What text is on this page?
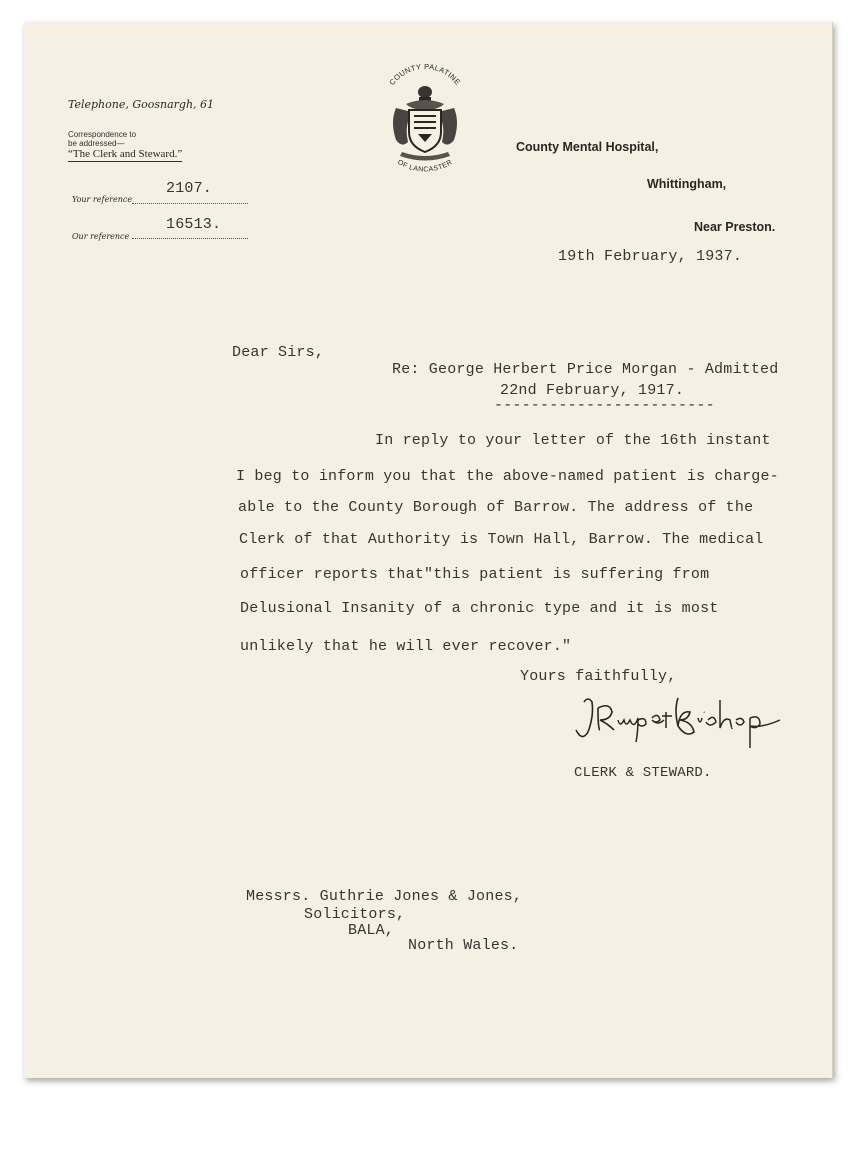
Telephone, Goosnargh, 61
Correspondence to
be addressed—
“The Clerk and Steward.”
Your reference
2107.
Our reference
16513.
COUNTY PALATINE
OF LANCASTER
County Mental Hospital,
Whittingham,
Near Preston.
19th February, 1937.
Dear Sirs,
Re: George Herbert Price Morgan - Admitted
22nd February, 1917.
------------------------
In reply to your letter of the 16th instant
I beg to inform you that the above-named patient is charge-
able to the County Borough of Barrow. The address of the
Clerk of that Authority is Town Hall, Barrow. The medical
officer reports that"this patient is suffering from
Delusional Insanity of a chronic type and it is most
unlikely that he will ever recover."
Yours faithfully,
CLERK & STEWARD.
Messrs. Guthrie Jones & Jones,
Solicitors,
BALA,
North Wales.
